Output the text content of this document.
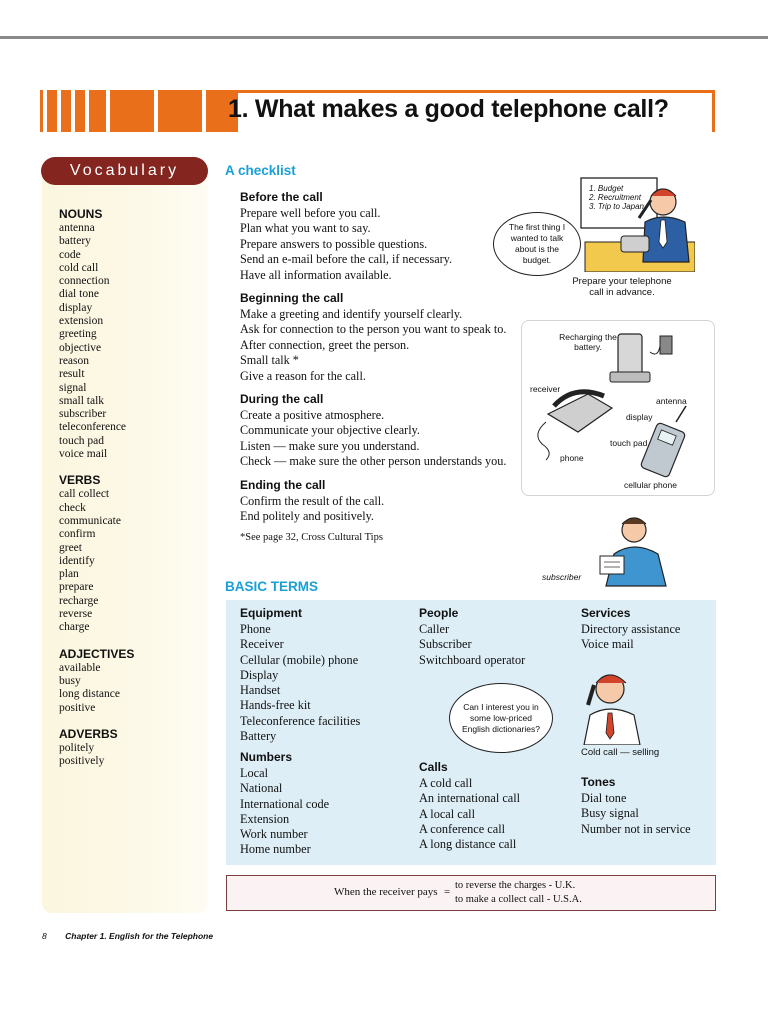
1. What makes a good telephone call?
Vocabulary
NOUNS
antenna
battery
code
cold call
connection
dial tone
display
extension
greeting
objective
reason
result
signal
small talk
subscriber
teleconference
touch pad
voice mail
VERBS
call collect
check
communicate
confirm
greet
identify
plan
prepare
recharge
reverse
charge
ADJECTIVES
available
busy
long distance
positive
ADVERBS
politely
positively
A checklist
Before the call
Prepare well before you call.
Plan what you want to say.
Prepare answers to possible questions.
Send an e-mail before the call, if necessary.
Have all information available.
Beginning the call
Make a greeting and identify yourself clearly.
Ask for connection to the person you want to speak to.
After connection, greet the person.
Small talk *
Give a reason for the call.
During the call
Create a positive atmosphere.
Communicate your objective clearly.
Listen — make sure you understand.
Check — make sure the other person understands you.
Ending the call
Confirm the result of the call.
End politely and positively.
*See page 32, Cross Cultural Tips
1. Budget
2. Recruitment
3. Trip to Japan
The first thing I wanted to talk about is the budget.
Prepare your telephone call in advance.
Recharging the battery.
receiver
phone
antenna
display
touch pad
cellular phone
subscriber
BASIC TERMS
Equipment
Phone
Receiver
Cellular (mobile) phone
Display
Handset
Hands-free kit
Teleconference facilities
Battery
Numbers
Local
National
International code
Extension
Work number
Home number
People
Caller
Subscriber
Switchboard operator
Calls
A cold call
An international call
A local call
A conference call
A long distance call
Services
Directory assistance
Voice mail
Tones
Dial tone
Busy signal
Number not in service
Can I interest you in some low-priced English dictionaries?
Cold call — selling
When the receiver pays =
to reverse the charges - U.K.
to make a collect call - U.S.A.
8 Chapter 1. English for the Telephone
